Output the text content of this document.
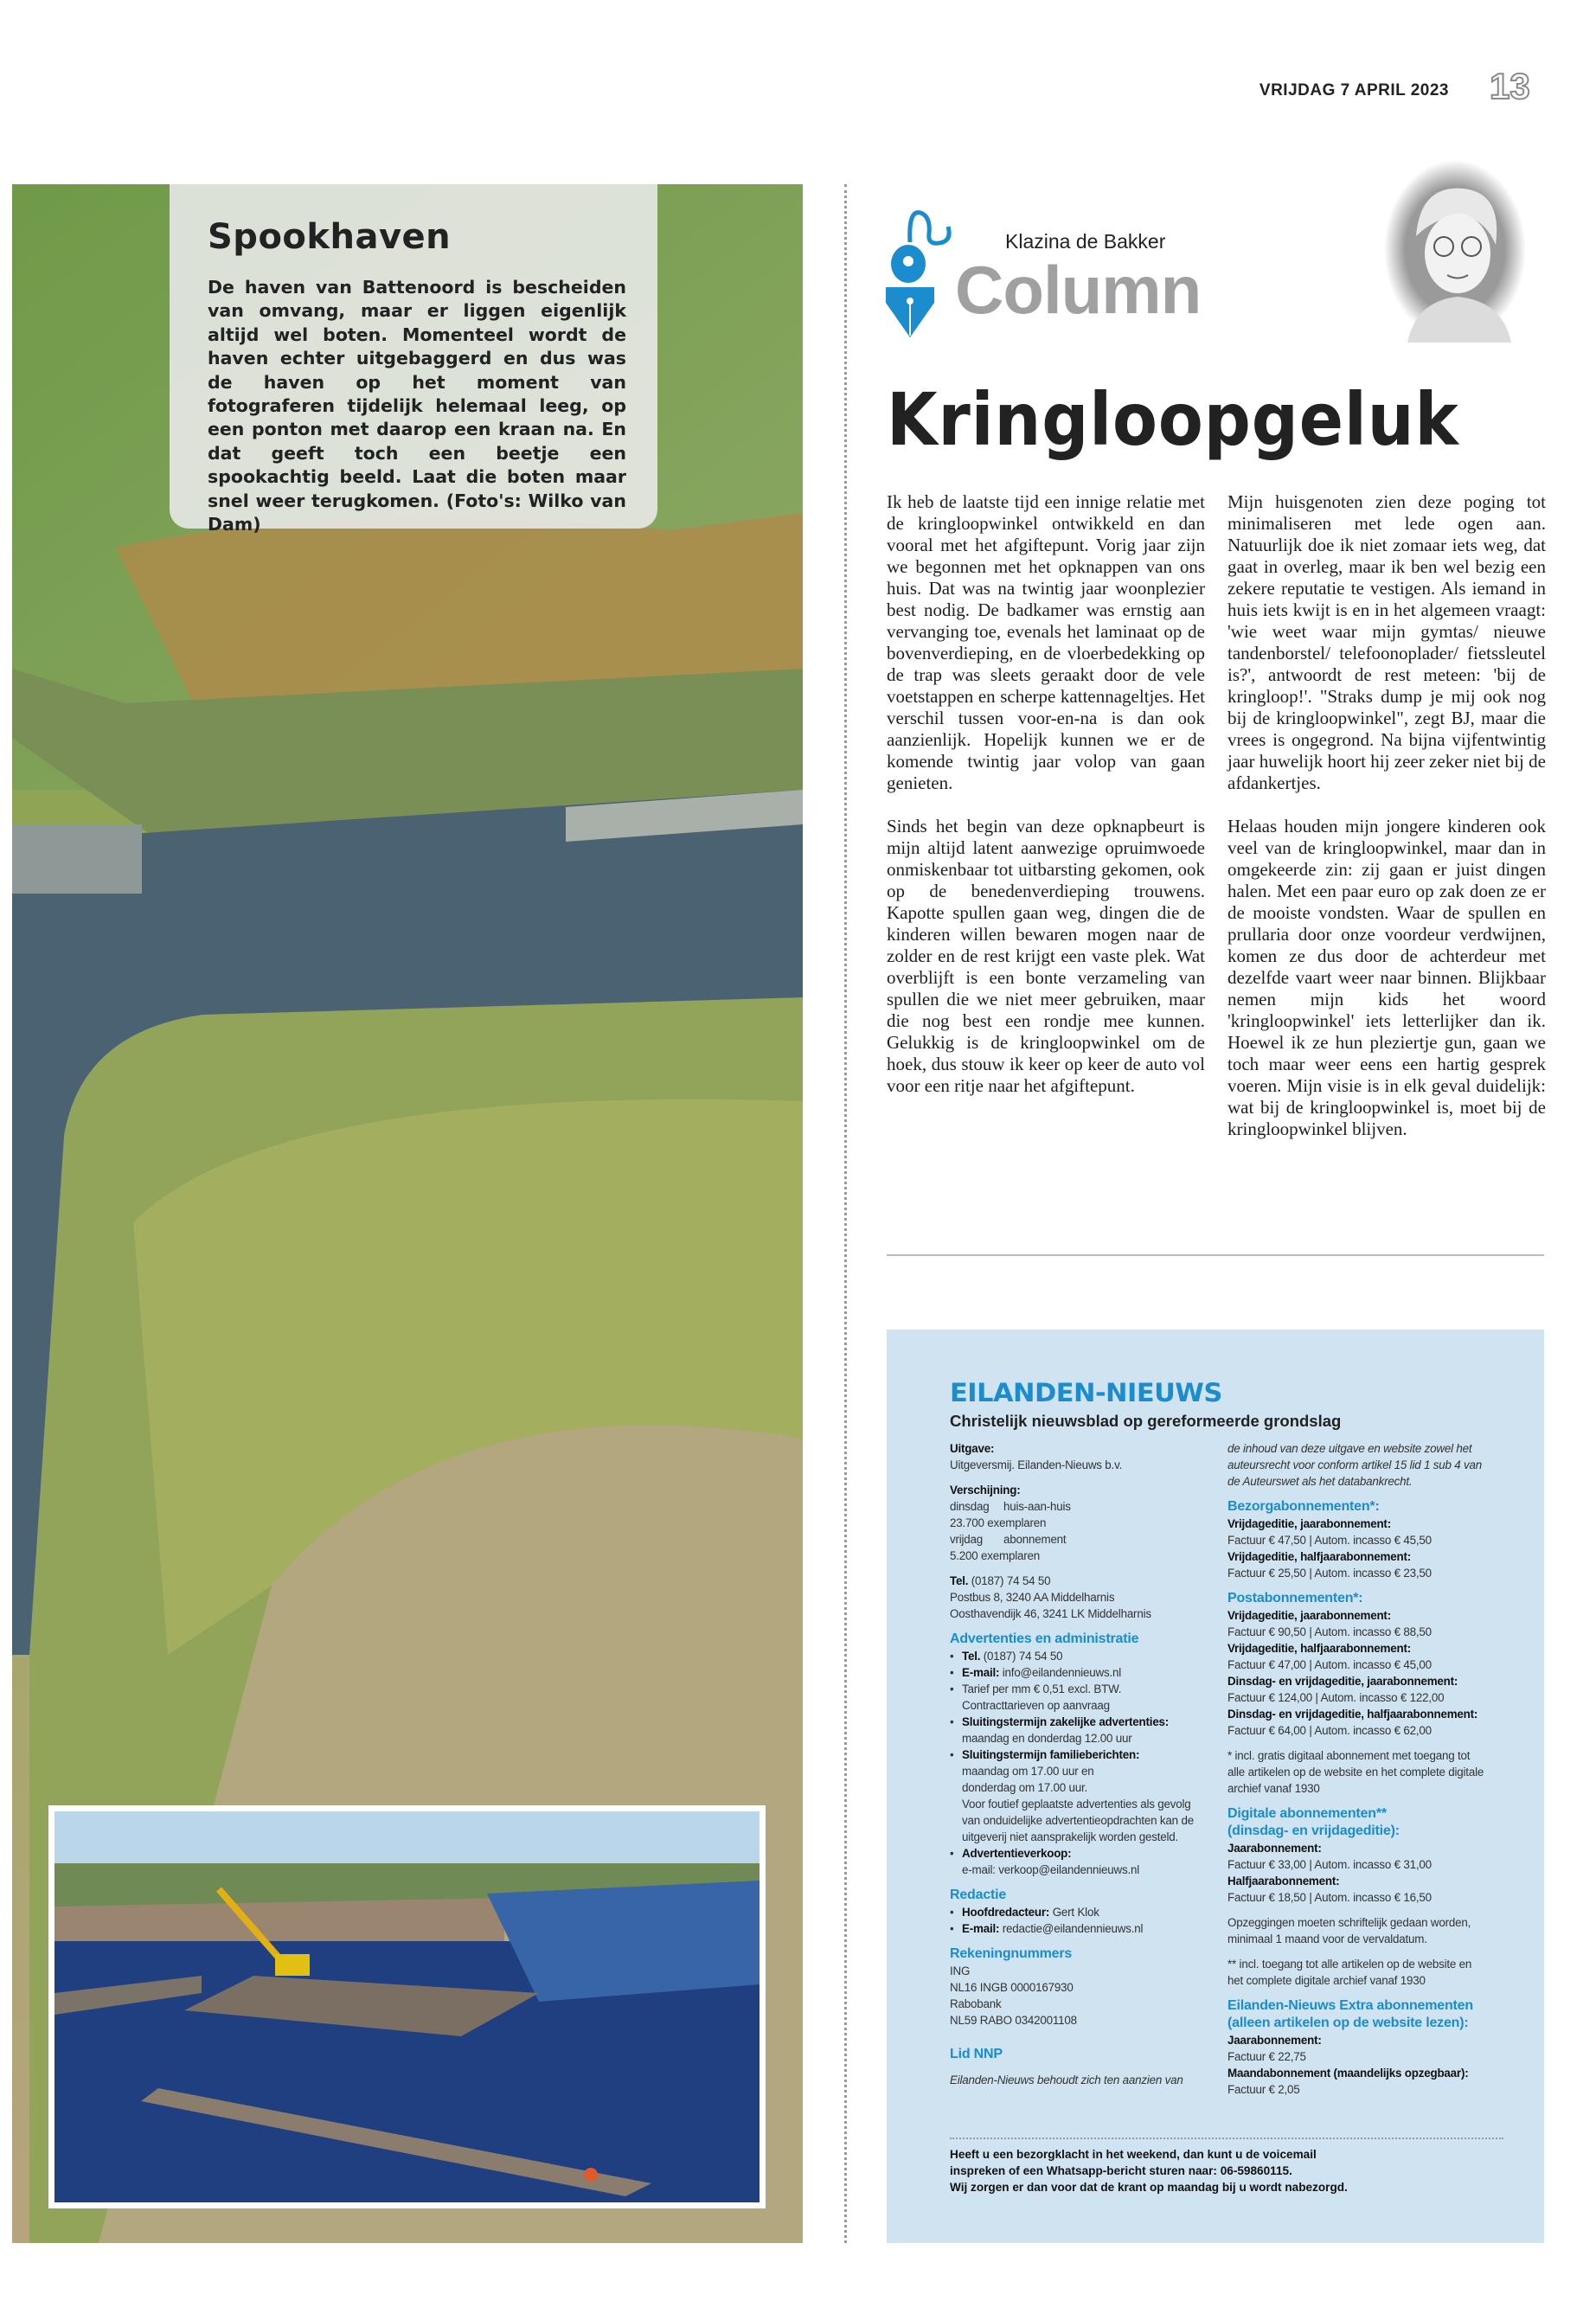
VRIJDAG 7 APRIL 2023 13
Spookhaven

De haven van Battenoord is bescheiden van omvang, maar er liggen eigenlijk altijd wel boten. Momenteel wordt de haven echter uitgebaggerd en dus was de haven op het moment van fotograferen tijdelijk helemaal leeg, op een ponton met daarop een kraan na. En dat geeft toch een beetje een spookachtig beeld. Laat die boten maar snel weer terugkomen. (Foto's: Wilko van Dam)

Klazina de Bakker
Column
Kringloopgeluk

Ik heb de laatste tijd een innige relatie met de kringloopwinkel ontwikkeld en dan vooral met het afgiftepunt. Vorig jaar zijn we begonnen met het opknappen van ons huis. Dat was na twintig jaar woonplezier best nodig. De badkamer was ernstig aan vervanging toe, evenals het laminaat op de bovenverdieping, en de vloerbedekking op de trap was sleets geraakt door de vele voetstappen en scherpe kattennageltjes. Het verschil tussen voor-en-na is dan ook aanzienlijk. Hopelijk kunnen we er de komende twintig jaar volop van gaan genieten.

Sinds het begin van deze opknapbeurt is mijn altijd latent aanwezige opruimwoede onmiskenbaar tot uitbarsting gekomen, ook op de benedenverdieping trouwens. Kapotte spullen gaan weg, dingen die de kinderen willen bewaren mogen naar de zolder en de rest krijgt een vaste plek. Wat overblijft is een bonte verzameling van spullen die we niet meer gebruiken, maar die nog best een rondje mee kunnen. Gelukkig is de kringloopwinkel om de hoek, dus stouw ik keer op keer de auto vol voor een ritje naar het afgiftepunt.

Mijn huisgenoten zien deze poging tot minimaliseren met lede ogen aan. Natuurlijk doe ik niet zomaar iets weg, dat gaat in overleg, maar ik ben wel bezig een zekere reputatie te vestigen. Als iemand in huis iets kwijt is en in het algemeen vraagt: 'wie weet waar mijn gymtas/ nieuwe tandenborstel/ telefoonoplader/ fietssleutel is?', antwoordt de rest meteen: 'bij de kringloop!'. "Straks dump je mij ook nog bij de kringloopwinkel", zegt BJ, maar die vrees is ongegrond. Na bijna vijfentwintig jaar huwelijk hoort hij zeer zeker niet bij de afdankertjes.

Helaas houden mijn jongere kinderen ook veel van de kringloopwinkel, maar dan in omgekeerde zin: zij gaan er juist dingen halen. Met een paar euro op zak doen ze er de mooiste vondsten. Waar de spullen en prullaria door onze voordeur verdwijnen, komen ze dus door de achterdeur met dezelfde vaart weer naar binnen. Blijkbaar nemen mijn kids het woord 'kringloopwinkel' iets letterlijker dan ik. Hoewel ik ze hun pleziertje gun, gaan we toch maar weer eens een hartig gesprek voeren. Mijn visie is in elk geval duidelijk: wat bij de kringloopwinkel is, moet bij de kringloopwinkel blijven.

EILANDEN-NIEUWS
Christelijk nieuwsblad op gereformeerde grondslag
Uitgave:
Uitgeversmij. Eilanden-Nieuws b.v.
Verschijning:
dinsdag huis-aan-huis23.700 exemplaren
vrijdag abonnement5.200 exemplaren
Tel. (0187) 74 54 50
Postbus 8, 3240 AA Middelharnis
Oosthavendijk 46, 3241 LK Middelharnis
Advertenties en administratie
• Tel. (0187) 74 54 50
• E-mail: info@eilandennieuws.nl
• Tarief per mm € 0,51 excl. BTW.
Contracttarieven op aanvraag
• Sluitingstermijn zakelijke advertenties:
maandag en donderdag 12.00 uur
• Sluitingstermijn familieberichten:
maandag om 17.00 uur en
donderdag om 17.00 uur.
Voor foutief geplaatste advertenties als gevolg
van onduidelijke advertentieopdrachten kan de
uitgeverij niet aansprakelijk worden gesteld.
• Advertentieverkoop:
e-mail: verkoop@eilandennieuws.nl
Redactie
• Hoofdredacteur: Gert Klok
• E-mail: redactie@eilandennieuws.nl
Rekeningnummers
ING
NL16 INGB 0000167930
Rabobank
NL59 RABO 0342001108
Lid NNP
Eilanden-Nieuws behoudt zich ten aanzien van
de inhoud van deze uitgave en website zowel het
auteursrecht voor conform artikel 15 lid 1 sub 4 van
de Auteurswet als het databankrecht.
Bezorgabonnementen*:
Vrijdageditie, jaarabonnement:
Factuur € 47,50 | Autom. incasso € 45,50
Vrijdageditie, halfjaarabonnement:
Factuur € 25,50 | Autom. incasso € 23,50
Postabonnementen*:
Vrijdageditie, jaarabonnement:
Factuur € 90,50 | Autom. incasso € 88,50
Vrijdageditie, halfjaarabonnement:
Factuur € 47,00 | Autom. incasso € 45,00
Dinsdag- en vrijdageditie, jaarabonnement:
Factuur € 124,00 | Autom. incasso € 122,00
Dinsdag- en vrijdageditie, halfjaarabonnement:
Factuur € 64,00 | Autom. incasso € 62,00
* incl. gratis digitaal abonnement met toegang tot
alle artikelen op de website en het complete digitale
archief vanaf 1930
Digitale abonnementen**
(dinsdag- en vrijdageditie):
Jaarabonnement:
Factuur € 33,00 | Autom. incasso € 31,00
Halfjaarabonnement:
Factuur € 18,50 | Autom. incasso € 16,50
Opzeggingen moeten schriftelijk gedaan worden,
minimaal 1 maand voor de vervaldatum.
** incl. toegang tot alle artikelen op de website en
het complete digitale archief vanaf 1930
Eilanden-Nieuws Extra abonnementen
(alleen artikelen op de website lezen):
Jaarabonnement:
Factuur € 22,75
Maandabonnement (maandelijks opzegbaar):
Factuur € 2,05
Heeft u een bezorgklacht in het weekend, dan kunt u de voicemail
inspreken of een Whatsapp-bericht sturen naar: 06-59860115.
Wij zorgen er dan voor dat de krant op maandag bij u wordt nabezorgd.
